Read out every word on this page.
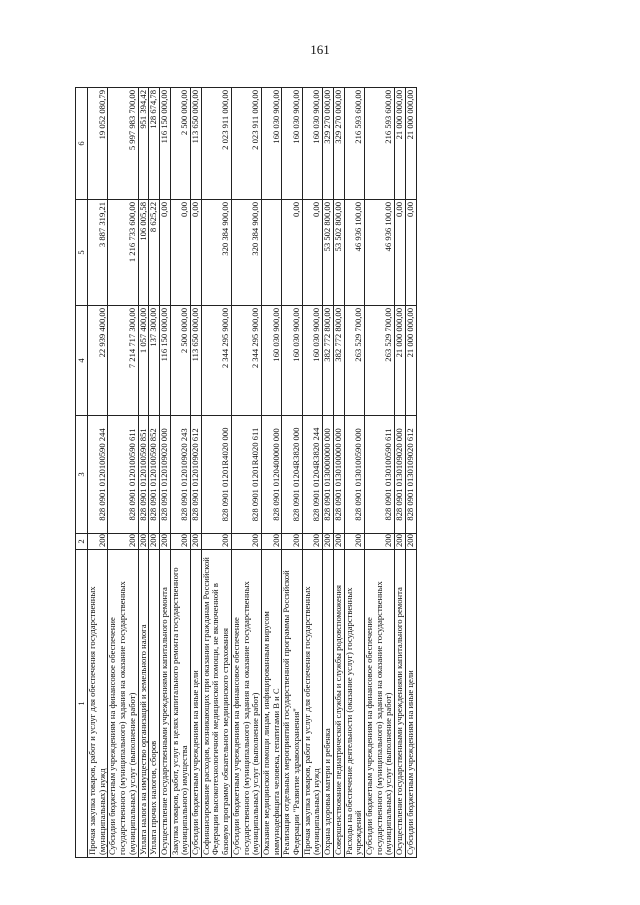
161
1	2	3	4	5	6
Прочая закупка товаров, работ и услуг для обеспечения государственных (муниципальных) нужд	200	828 0901 0120100590 244	22 939 400,00	3 887 319,21	19 052 080,79
Субсидии бюджетным учреждениям на финансовое обеспечение государственного (муниципального) задания на оказание государственных (муниципальных) услуг (выполнение работ)	200	828 0901 0120100590 611	7 214 717 300,00	1 216 733 600,00	5 997 983 700,00
Уплата налога на имущество организаций и земельного налога	200	828 0901 0120100590 851	1 057 400,00	106 005,58	951 394,42
Уплата прочих налогов, сборов	200	828 0901 0120100590 852	137 300,00	8 625,22	128 674,78
Осуществление государственными учреждениями капитального ремонта	200	828 0901 0120109020 000	116 150 000,00	0,00	116 150 000,00
Закупка товаров, работ, услуг в целях капитального ремонта государственного (муниципального) имущества	200	828 0901 0120109020 243	2 500 000,00	0,00	2 500 000,00
Субсидии бюджетным учреждениям на иные цели	200	828 0901 0120109020 612	113 650 000,00	0,00	113 650 000,00
Софинансирование расходов, возникающих при оказании гражданам Российской Федерации высокотехнологичной медицинской помощи, не включенной в базовую программу обязательного медицинского страхования	200	828 0901 01201R4020 000	2 344 295 900,00	320 384 900,00	2 023 911 000,00
Субсидии бюджетным учреждениям на финансовое обеспечение государственного (муниципального) задания на оказание государственных (муниципальных) услуг (выполнение работ)	200	828 0901 01201R4020 611	2 344 295 900,00	320 384 900,00	2 023 911 000,00
Оказание медицинской помощи лицам, инфицированным вирусом иммунодефицита человека, гепатитами B и C	200	828 0901 0120400000 000	160 030 900,00		160 030 900,00
Реализация отдельных мероприятий государственной программы Российской Федерации "Развитие здравоохранения"	200	828 0901 01204R3820 000	160 030 900,00	0,00	160 030 900,00
Прочая закупка товаров, работ и услуг для обеспечения государственных (муниципальных) нужд	200	828 0901 01204R3820 244	160 030 900,00	0,00	160 030 900,00
Охрана здоровья матери и ребенка	200	828 0901 0130000000 000	382 772 800,00	53 502 800,00	329 270 000,00
Совершенствование педиатрической службы и службы родовспоможения	200	828 0901 0130100000 000	382 772 800,00	53 502 800,00	329 270 000,00
Расходы на обеспечение деятельности (оказание услуг) государственных учреждений	200	828 0901 0130100590 000	263 529 700,00	46 936 100,00	216 593 600,00
Субсидии бюджетным учреждениям на финансовое обеспечение государственного (муниципального) задания на оказание государственных (муниципальных) услуг (выполнение работ)	200	828 0901 0130100590 611	263 529 700,00	46 936 100,00	216 593 600,00
Осуществление государственными учреждениями капитального ремонта	200	828 0901 0130109020 000	21 000 000,00	0,00	21 000 000,00
Субсидии бюджетным учреждениям на иные цели	200	828 0901 0130109020 612	21 000 000,00	0,00	21 000 000,00
